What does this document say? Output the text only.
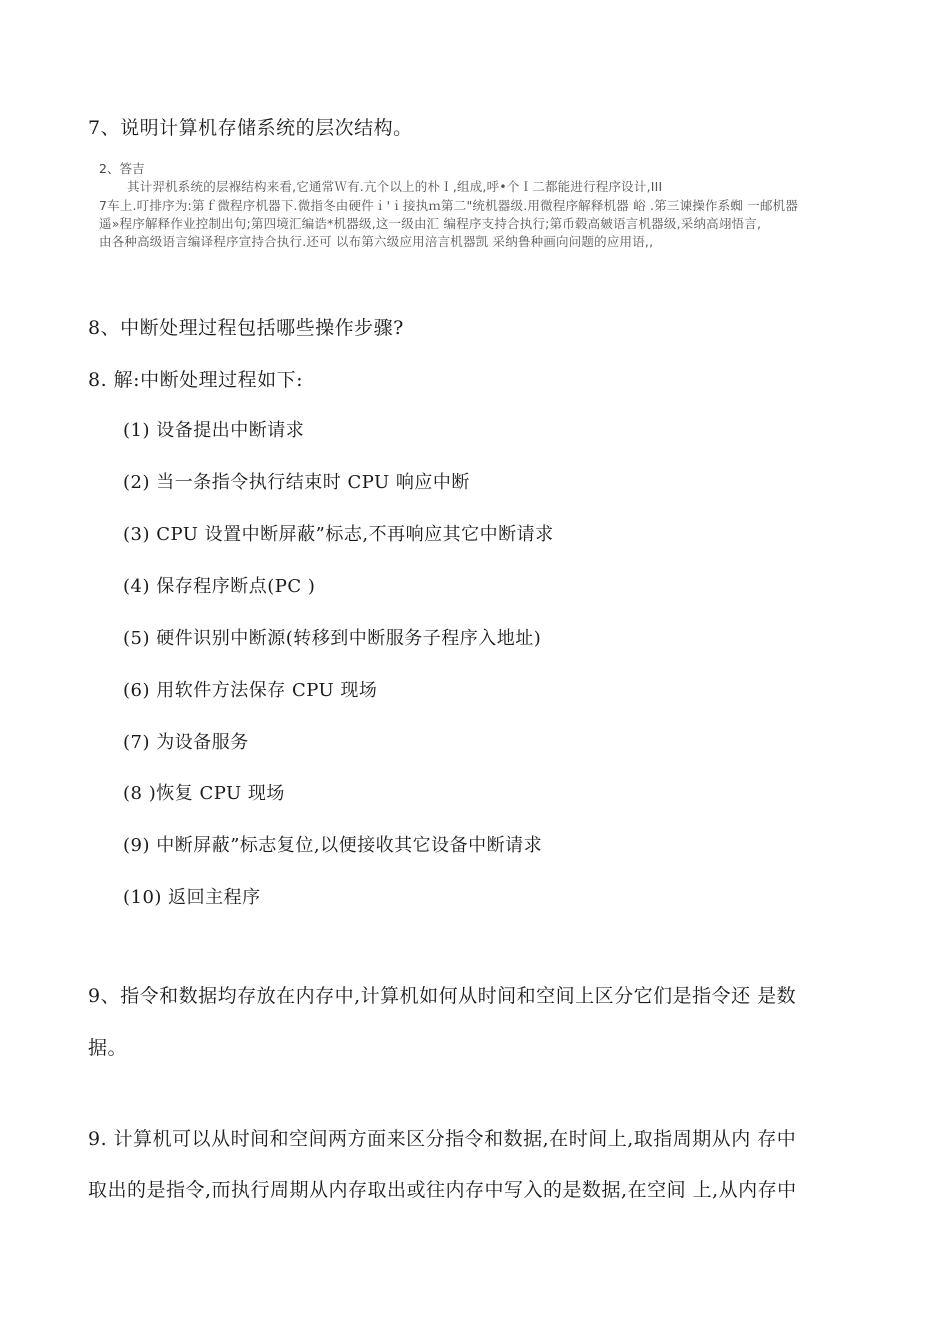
7、说明计算机存储系统的层次结构。
2、答吉
其计羿机系统的层褓结构来看,它通常Ｗ有.亢个以上的朴Ｉ,组成,呼•个Ｉ二都能进行程序设计,III
7车上.叮排序为:第ｆ微程序机器下.微指冬由硬件ｉ'ｉ接执ｍ第二"统机器级.用微程序解释机器 峪 .笫三谏操作系蜘 一邮机器
遥»程序解释作业控制出句;第四境汇编诰*机器级,这一级由汇 编程序支持合执行;第币毂高皴语言机器级,采纳高翊悟言,
由各种高级语言编译程序宣持合执行.还可 以布第六级应用涪言机器凯 采纳鲁种画向问题的应用语,,
8、中断处理过程包括哪些操作步骤?
8. 解:中断处理过程如下:
(1) 设备提出中断请求
(2) 当一条指令执行结束时 CPU 响应中断
(3) CPU 设置中断屏蔽”标志,不再响应其它中断请求
(4) 保存程序断点(PC )
(5) 硬件识别中断源(转移到中断服务子程序入地址)
(6) 用软件方法保存 CPU 现场
(7) 为设备服务
(8 )恢复 CPU 现场
(9) 中断屏蔽”标志复位,以便接收其它设备中断请求
(10) 返回主程序
9、指令和数据均存放在内存中,计算机如何从时间和空间上区分它们是指令还 是数
据。
9. 计算机可以从时间和空间两方面来区分指令和数据,在时间上,取指周期从内 存中
取出的是指令,而执行周期从内存取出或往内存中写入的是数据,在空间 上,从内存中
